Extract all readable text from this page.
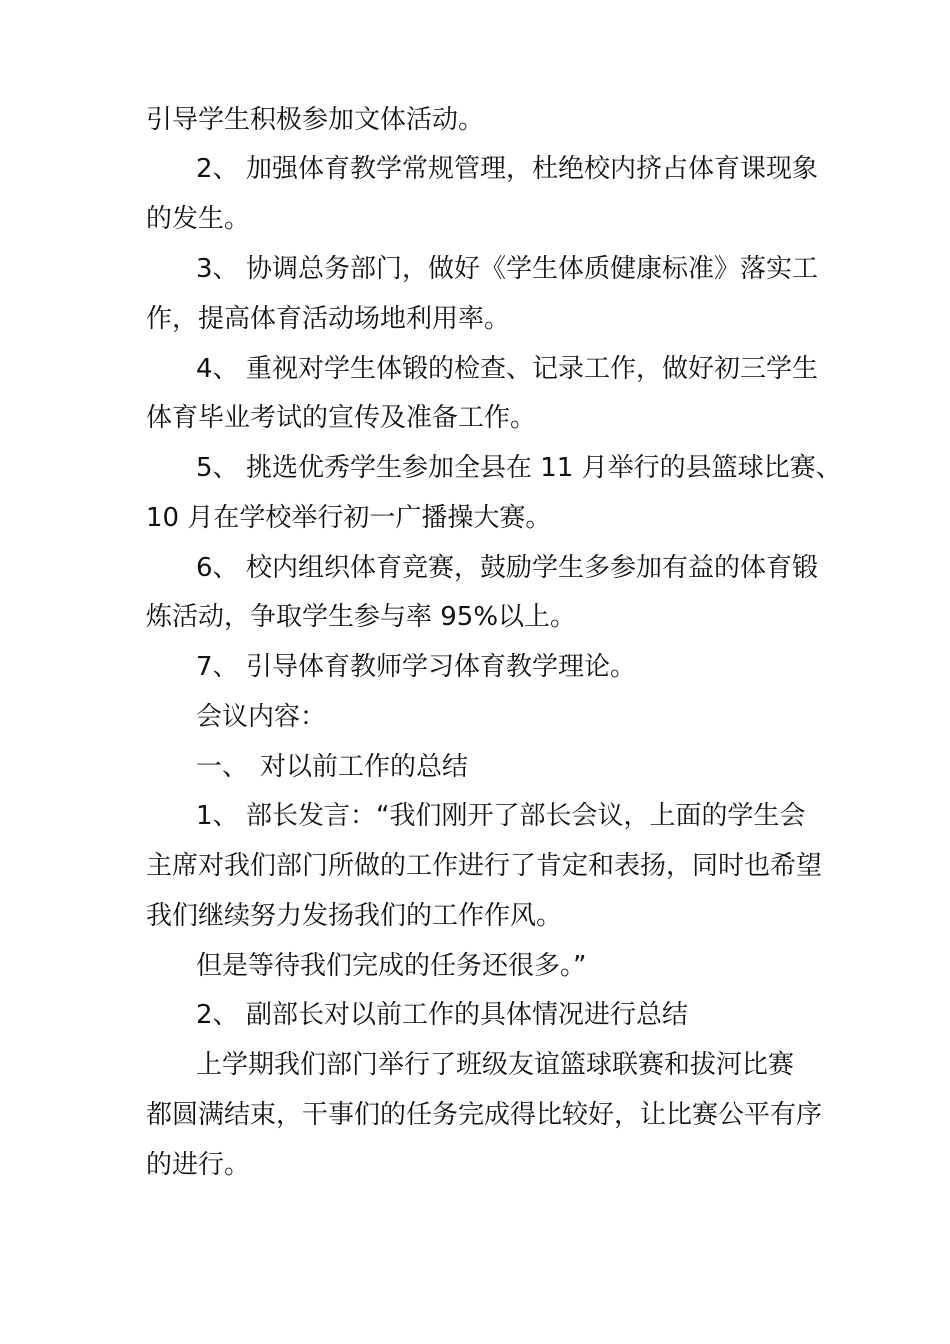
引导学生积极参加文体活动。
2、 加强体育教学常规管理，杜绝校内挤占体育课现象
的发生。
3、 协调总务部门，做好《学生体质健康标准》落实工
作，提高体育活动场地利用率。
4、 重视对学生体锻的检查、记录工作，做好初三学生
体育毕业考试的宣传及准备工作。
5、 挑选优秀学生参加全县在 11 月举行的县篮球比赛、
10 月在学校举行初一广播操大赛。
6、 校内组织体育竞赛，鼓励学生多参加有益的体育锻
炼活动，争取学生参与率 95%以上。
7、 引导体育教师学习体育教学理论。
会议内容：
一、 对以前工作的总结
1、 部长发言：“我们刚开了部长会议，上面的学生会
主席对我们部门所做的工作进行了肯定和表扬，同时也希望
我们继续努力发扬我们的工作作风。
但是等待我们完成的任务还很多。”
2、 副部长对以前工作的具体情况进行总结
上学期我们部门举行了班级友谊篮球联赛和拔河比赛
都圆满结束，干事们的任务完成得比较好，让比赛公平有序
的进行。
